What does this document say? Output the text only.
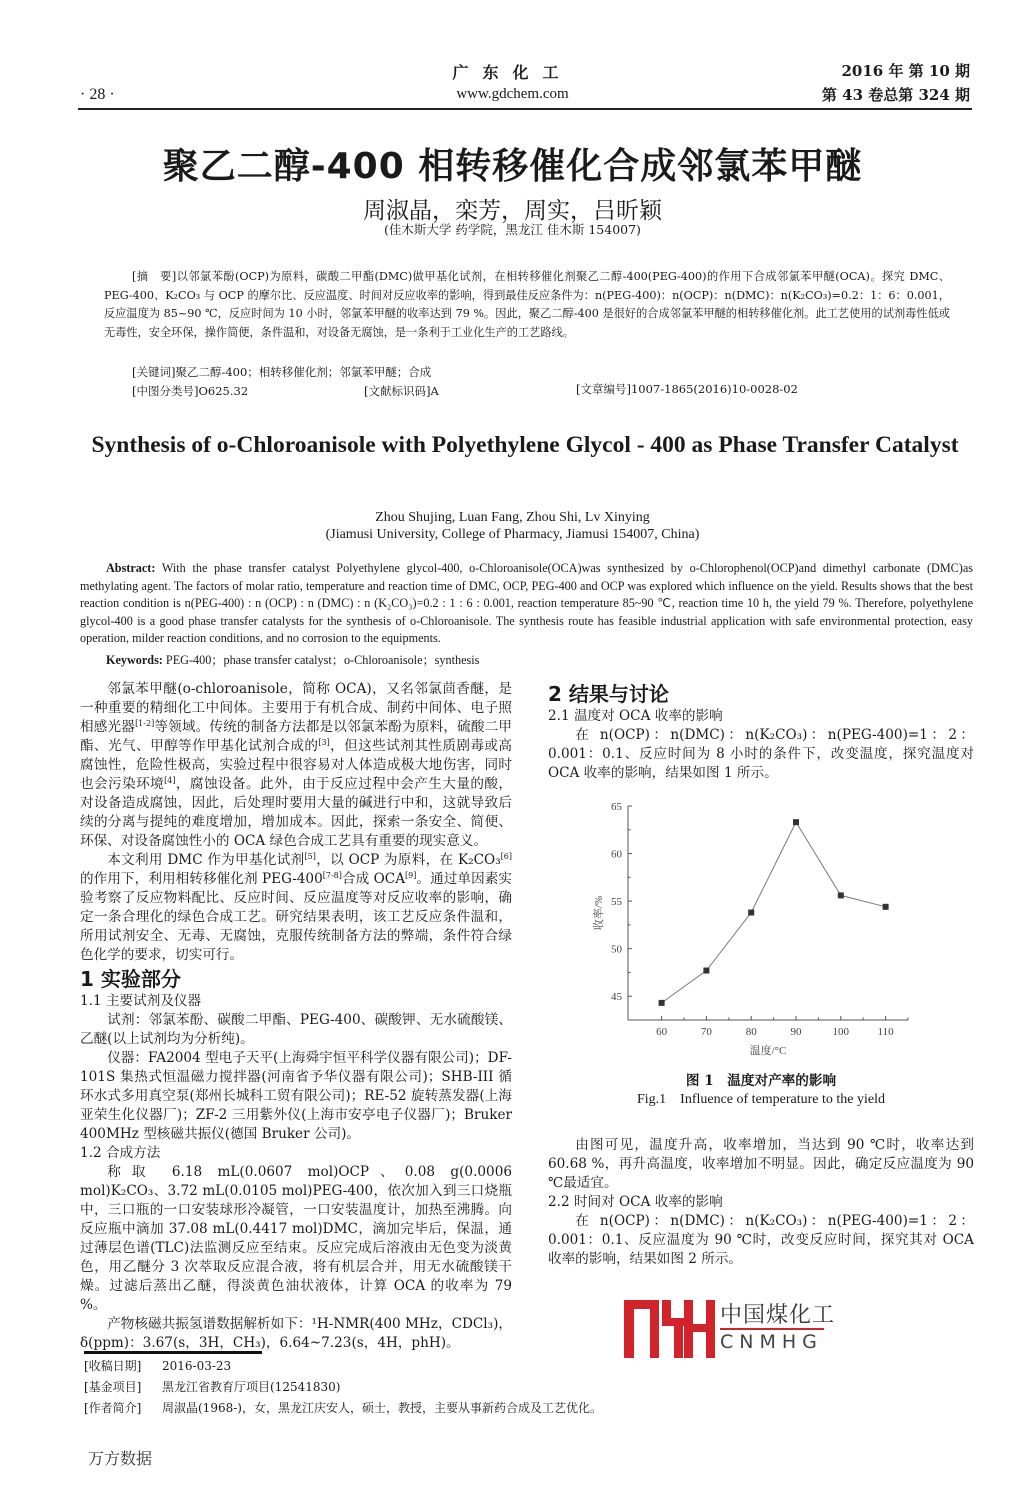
广东化工
www.gdchem.com
· 28 ·
2016 年 第 10 期
第 43 卷总第 324 期
聚乙二醇-400 相转移催化合成邻氯苯甲醚
周淑晶，栾芳，周实，吕昕颖
(佳木斯大学 药学院，黑龙江 佳木斯 154007)
[摘　要]以邻氯苯酚(OCP)为原料，碳酸二甲酯(DMC)做甲基化试剂，在相转移催化剂聚乙二醇-400(PEG-400)的作用下合成邻氯苯甲醚(OCA)。探究 DMC、PEG-400、K₂CO₃ 与 OCP 的摩尔比、反应温度、时间对反应收率的影响，得到最佳反应条件为：n(PEG-400)：n(OCP)：n(DMC)：n(K₂CO₃)=0.2：1：6：0.001，反应温度为 85~90 ℃，反应时间为 10 小时，邻氯苯甲醚的收率达到 79 %。因此，聚乙二醇-400 是很好的合成邻氯苯甲醚的相转移催化剂。此工艺使用的试剂毒性低或无毒性，安全环保，操作简便，条件温和，对设备无腐蚀，是一条利于工业化生产的工艺路线。
[关键词]聚乙二醇-400；相转移催化剂；邻氯苯甲醚；合成
[中图分类号]O625.32	[文献标识码]A	[文章编号]1007-1865(2016)10-0028-02
Synthesis of o-Chloroanisole with Polyethylene Glycol - 400 as Phase Transfer Catalyst
Zhou Shujing, Luan Fang, Zhou Shi, Lv Xinying
(Jiamusi University, College of Pharmacy, Jiamusi 154007, China)
Abstract: With the phase transfer catalyst Polyethylene glycol-400, o-Chloroanisole(OCA)was synthesized by o-Chlorophenol(OCP)and dimethyl carbonate (DMC)as methylating agent. The factors of molar ratio, temperature and reaction time of DMC, OCP, PEG-400 and OCP was explored which influence on the yield. Results shows that the best reaction condition is n(PEG-400) : n (OCP) : n (DMC) : n (K₂CO₃)=0.2 : 1 : 6 : 0.001, reaction temperature 85~90 ℃, reaction time 10 h, the yield 79 %. Therefore, polyethylene glycol-400 is a good phase transfer catalysts for the synthesis of o-Chloroanisole. The synthesis route has feasible industrial application with safe environmental protection, easy operation, milder reaction conditions, and no corrosion to the equipments.
Keywords: PEG-400；phase transfer catalyst；o-Chloroanisole；synthesis

邻氯苯甲醚(o-chloroanisole，简称 OCA)，又名邻氯茴香醚，是一种重要的精细化工中间体。主要用于有机合成、制药中间体、电子照相感光器[1-2]等领域。传统的制备方法都是以邻氯苯酚为原料，硫酸二甲酯、光气、甲醇等作甲基化试剂合成的[3]，但这些试剂其性质剧毒或高腐蚀性，危险性极高，实验过程中很容易对人体造成极大地伤害，同时也会污染环境[4]，腐蚀设备。此外，由于反应过程中会产生大量的酸，对设备造成腐蚀，因此，后处理时要用大量的碱进行中和，这就导致后续的分离与提纯的难度增加，增加成本。因此，探索一条安全、简便、环保、对设备腐蚀性小的 OCA 绿色合成工艺具有重要的现实意义。

本文利用 DMC 作为甲基化试剂[5]，以 OCP 为原料，在 K₂CO₃[6]的作用下，利用相转移催化剂 PEG-400[7-8]合成 OCA[9]。通过单因素实验考察了反应物料配比、反应时间、反应温度等对反应收率的影响，确定一条合理化的绿色合成工艺。研究结果表明，该工艺反应条件温和，所用试剂安全、无毒、无腐蚀，克服传统制备方法的弊端，条件符合绿色化学的要求，切实可行。

1 实验部分
1.1 主要试剂及仪器

试剂：邻氯苯酚、碳酸二甲酯、PEG-400、碳酸钾、无水硫酸镁、乙醚(以上试剂均为分析纯)。

仪器：FA2004 型电子天平(上海舜宇恒平科学仪器有限公司)；DF-101S 集热式恒温磁力搅拌器(河南省予华仪器有限公司)；SHB-III 循环水式多用真空泵(郑州长城科工贸有限公司)；RE-52 旋转蒸发器(上海亚荣生化仪器厂)；ZF-2 三用紫外仪(上海市安亭电子仪器厂)；Bruker 400MHz 型核磁共振仪(德国 Bruker 公司)。

1.2 合成方法

称取 6.18 mL(0.0607 mol)OCP、0.08 g(0.0006 mol)K₂CO₃、3.72 mL(0.0105 mol)PEG-400，依次加入到三口烧瓶中，三口瓶的一口安装球形冷凝管，一口安装温度计，加热至沸腾。向反应瓶中滴加 37.08 mL(0.4417 mol)DMC，滴加完毕后，保温，通过薄层色谱(TLC)法监测反应至结束。反应完成后溶液由无色变为淡黄色，用乙醚分 3 次萃取反应混合液，将有机层合并，用无水硫酸镁干燥。过滤后蒸出乙醚，得淡黄色油状液体，计算 OCA 的收率为 79 %。

产物核磁共振氢谱数据解析如下：¹H-NMR(400 MHz，CDCl₃)，δ(ppm)：3.67(s，3H，CH₃)，6.64~7.23(s，4H，phH)。

2 结果与讨论
2.1 温度对 OCA 收率的影响

在 n(OCP)：n(DMC)：n(K₂CO₃)：n(PEG-400)=1：2：0.001：0.1、反应时间为 8 小时的条件下，改变温度，探究温度对 OCA 收率的影响，结果如图 1 所示。

45
50
55
60
65
60	70	80	90	100	110
温度/°C
收率/%
图 1　温度对产率的影响
Fig.1　Influence of temperature to the yield

由图可见，温度升高，收率增加，当达到 90 ℃时，收率达到 60.68 %，再升高温度，收率增加不明显。因此，确定反应温度为 90 ℃最适宜。

2.2 时间对 OCA 收率的影响

在 n(OCP)：n(DMC)：n(K₂CO₃)：n(PEG-400)=1：2：0.001：0.1、反应温度为 90 ℃时，改变反应时间，探究其对 OCA 收率的影响，结果如图 2 所示。

中国煤化工
CNMHG
[收稿日期] 2016-03-23
[基金项目] 黑龙江省教育厅项目(12541830)
[作者简介] 周淑晶(1968-)，女，黑龙江庆安人，硕士，教授，主要从事新药合成及工艺优化。
万方数据
